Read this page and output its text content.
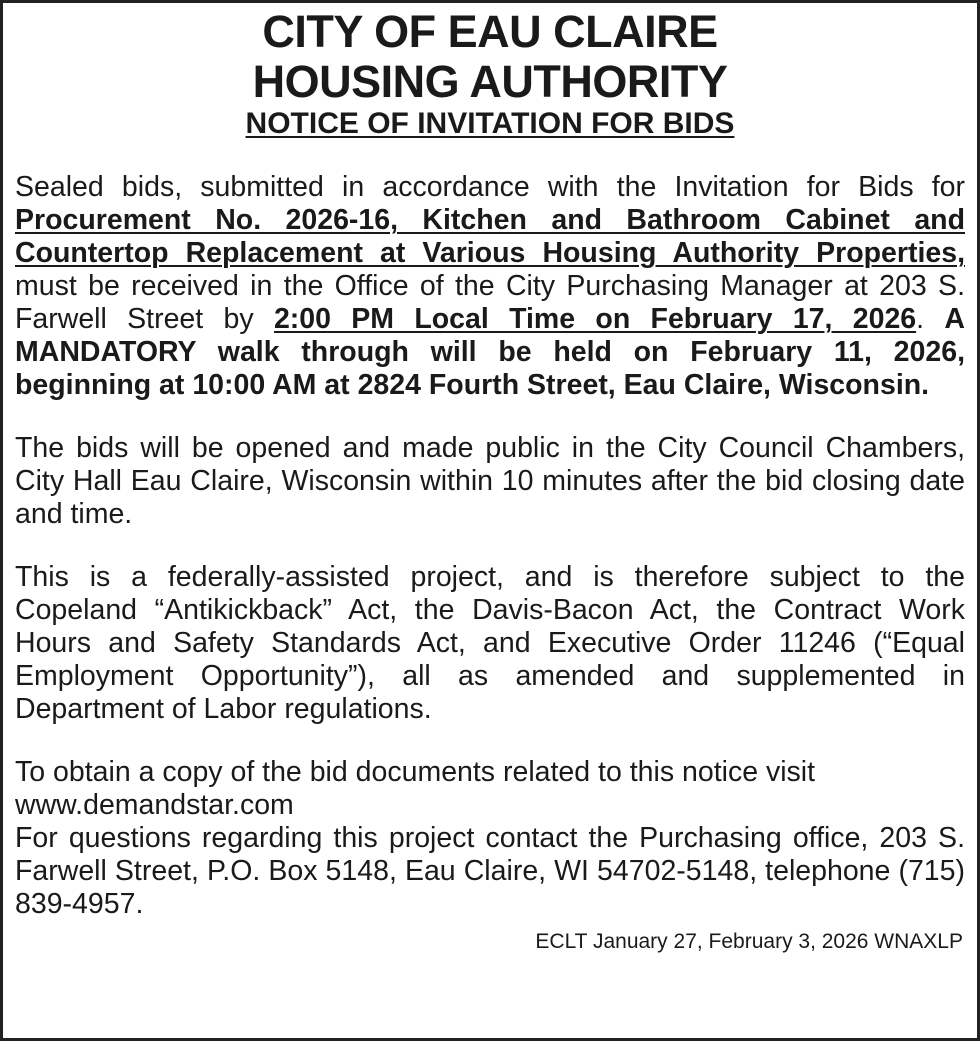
CITY OF EAU CLAIRE
HOUSING AUTHORITY
NOTICE OF INVITATION FOR BIDS

Sealed bids, submitted in accordance with the Invitation for Bids for Procurement No. 2026-16, Kitchen and Bathroom Cabinet and Countertop Replacement at Various Housing Authority Properties, must be received in the Office of the City Purchasing Manager at 203 S. Farwell Street by 2:00 PM Local Time on February 17, 2026. A MANDATORY walk through will be held on February 11, 2026, beginning at 10:00 AM at 2824 Fourth Street, Eau Claire, Wisconsin.

The bids will be opened and made public in the City Council Chambers, City Hall Eau Claire, Wisconsin within 10 minutes after the bid closing date and time.

This is a federally-assisted project, and is therefore subject to the Copeland “Antikickback” Act, the Davis-Bacon Act, the Contract Work Hours and Safety Standards Act, and Executive Order 11246 (“Equal Employment Opportunity”), all as amended and supplemented in Department of Labor regulations.

To obtain a copy of the bid documents related to this notice visit

www.demandstar.com

For questions regarding this project contact the Purchasing office, 203 S. Farwell Street, P.O. Box 5148, Eau Claire, WI 54702-5148, telephone (715) 839-4957.

ECLT January 27, February 3, 2026 WNAXLP
